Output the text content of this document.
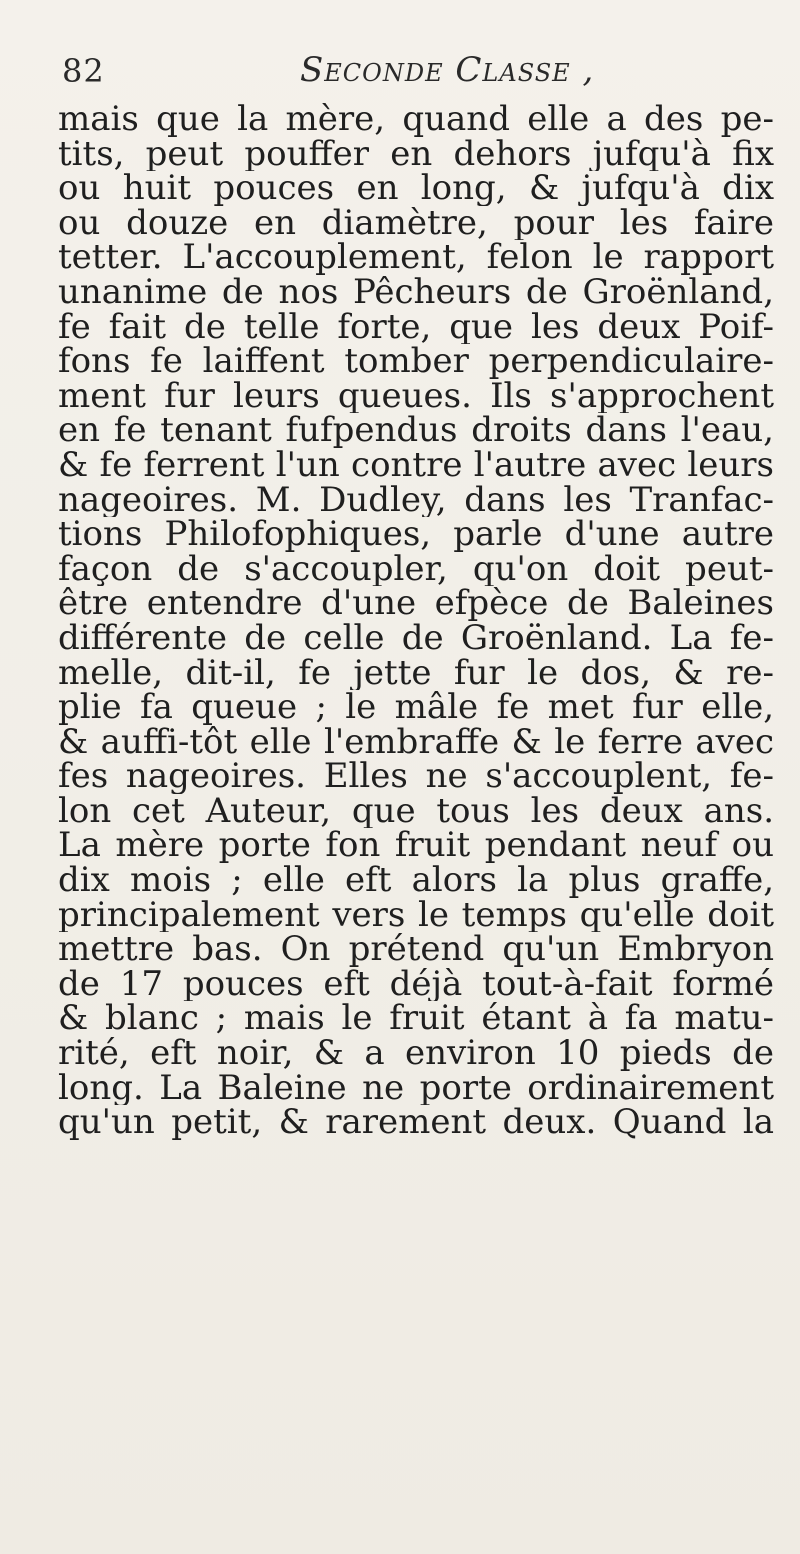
82	Seconde Classe ,
mais que la mère, quand elle a des pe-
tits, peut pouffer en dehors jufqu'à fix
ou huit pouces en long, & jufqu'à dix
ou douze en diamètre, pour les faire
tetter. L'accouplement, felon le rapport
unanime de nos Pêcheurs de Groënland,
fe fait de telle forte, que les deux Poif-
fons fe laiffent tomber perpendiculaire-
ment fur leurs queues. Ils s'approchent
en fe tenant fufpendus droits dans l'eau,
& fe ferrent l'un contre l'autre avec leurs
nageoires. M. Dudley, dans les Tranfac-
tions Philofophiques, parle d'une autre
façon de s'accoupler, qu'on doit peut-
être entendre d'une efpèce de Baleines
différente de celle de Groënland. La fe-
melle, dit-il, fe jette fur le dos, & re-
plie fa queue ; le mâle fe met fur elle,
& auffi-tôt elle l'embraffe & le ferre avec
fes nageoires. Elles ne s'accouplent, fe-
lon cet Auteur, que tous les deux ans.
La mère porte fon fruit pendant neuf ou
dix mois ; elle eft alors la plus graffe,
principalement vers le temps qu'elle doit
mettre bas. On prétend qu'un Embryon
de 17 pouces eft déjà tout-à-fait formé
& blanc ; mais le fruit étant à fa matu-
rité, eft noir, & a environ 10 pieds de
long. La Baleine ne porte ordinairement
qu'un petit, & rarement deux. Quand la
